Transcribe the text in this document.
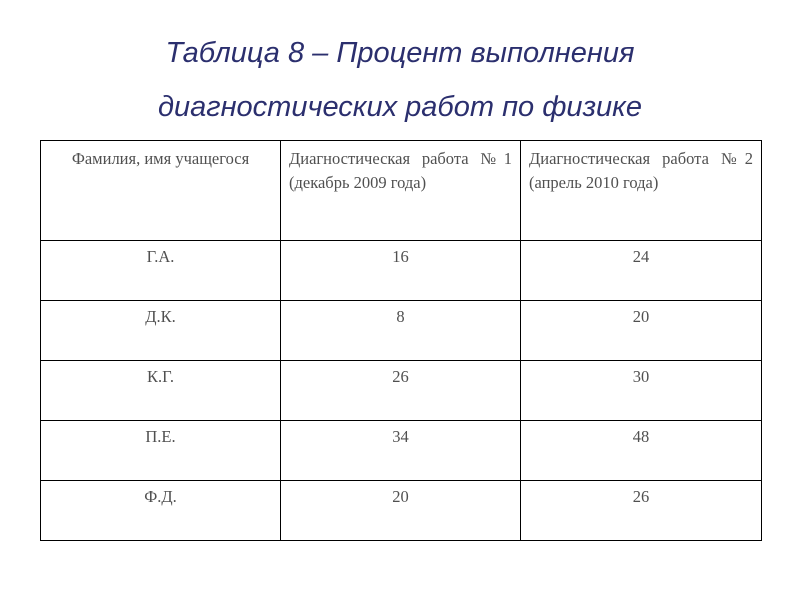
Таблица 8 – Процент выполнения
диагностических работ по физике
Фамилия, имя учащегося	Диагностическая работа №1 (декабрь 2009 года)	Диагностическая работа №2 (апрель 2010 года)
Г.А.	16	24
Д.К.	8	20
К.Г.	26	30
П.Е.	34	48
Ф.Д.	20	26
